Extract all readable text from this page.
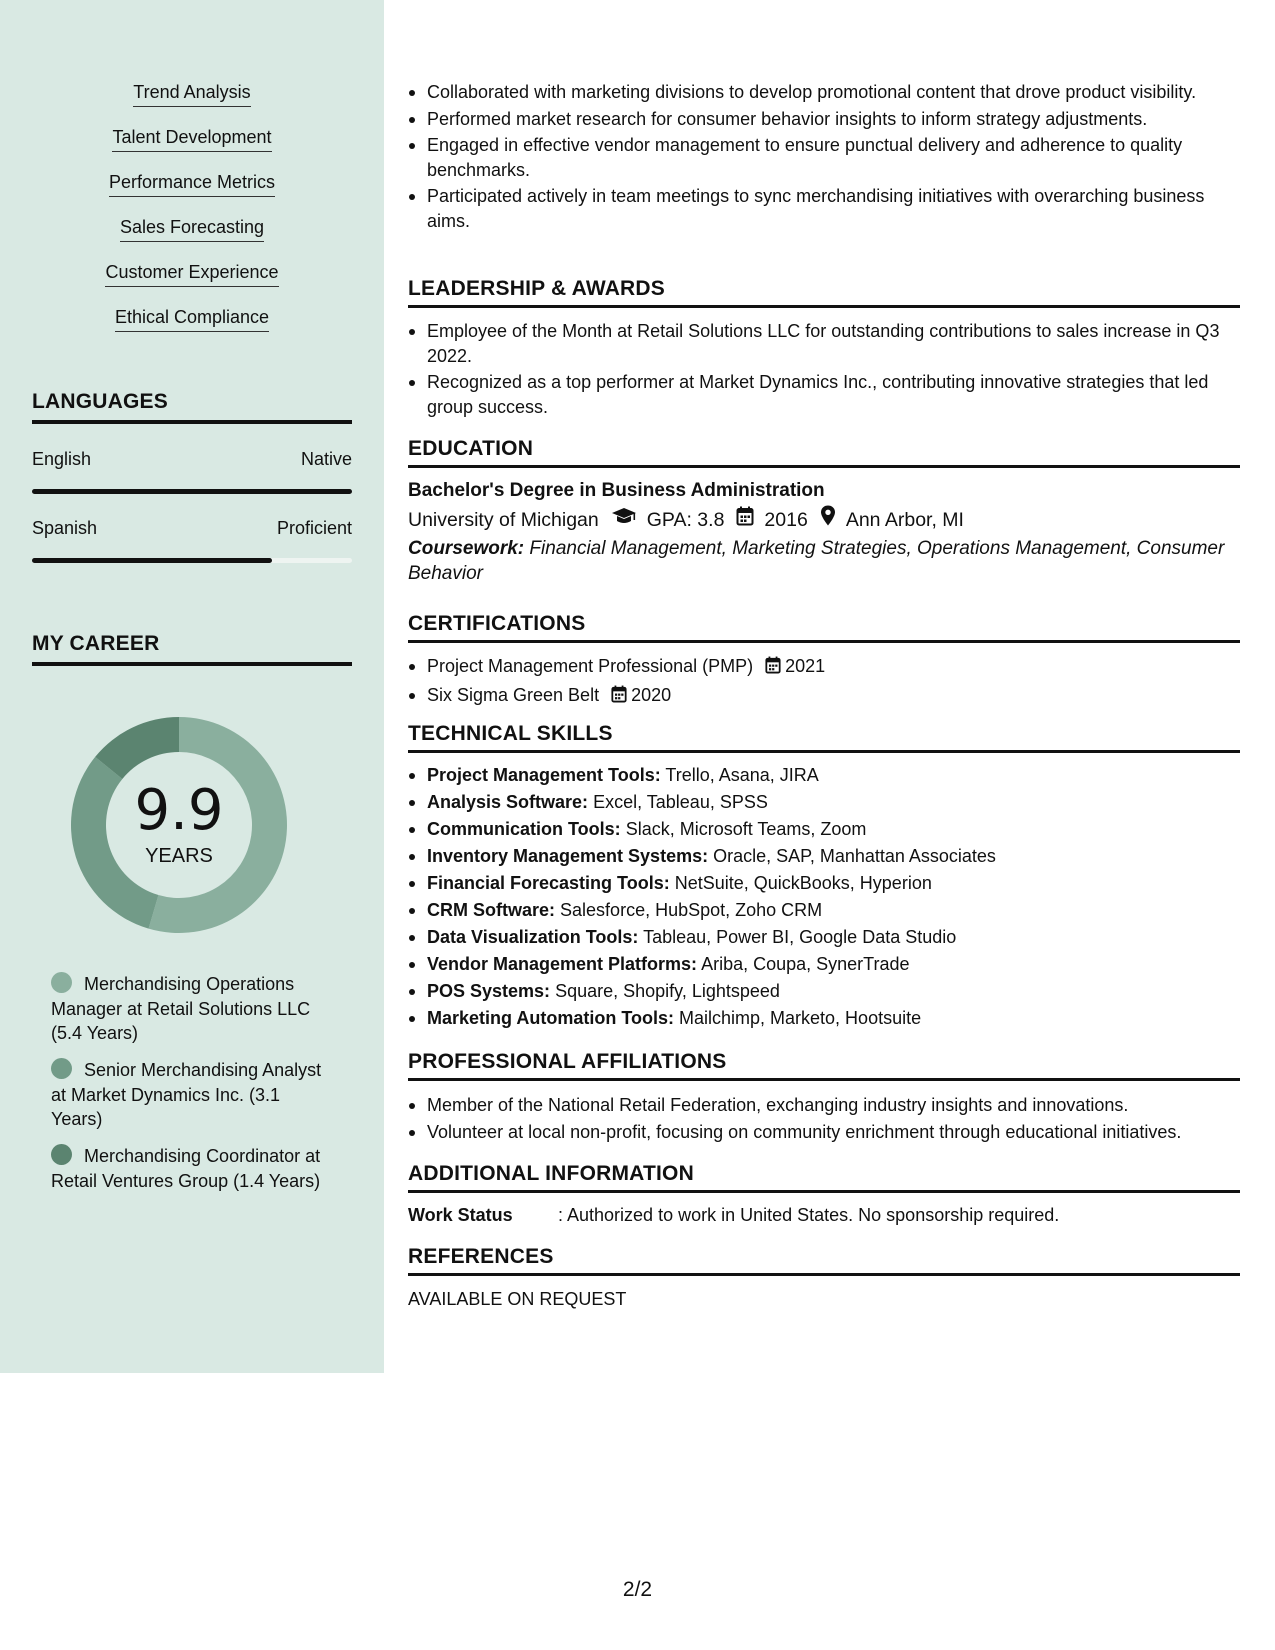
Trend Analysis
Talent Development
Performance Metrics
Sales Forecasting
Customer Experience
Ethical Compliance
LANGUAGES
English	Native
Spanish	Proficient
MY CAREER
9.9
YEARS
Merchandising Operations Manager at Retail Solutions LLC (5.4 Years)
Senior Merchandising Analyst at Market Dynamics Inc. (3.1 Years)
Merchandising Coordinator at Retail Ventures Group (1.4 Years)
Collaborated with marketing divisions to develop promotional content that drove product visibility.
Performed market research for consumer behavior insights to inform strategy adjustments.
Engaged in effective vendor management to ensure punctual delivery and adherence to quality benchmarks.
Participated actively in team meetings to sync merchandising initiatives with overarching business aims.
LEADERSHIP & AWARDS
Employee of the Month at Retail Solutions LLC for outstanding contributions to sales increase in Q3 2022.
Recognized as a top performer at Market Dynamics Inc., contributing innovative strategies that led group success.
EDUCATION
Bachelor's Degree in Business Administration
University of Michigan GPA: 3.8 2016 Ann Arbor, MI
Coursework: Financial Management, Marketing Strategies, Operations Management, Consumer Behavior
CERTIFICATIONS
Project Management Professional (PMP) 2021
Six Sigma Green Belt 2020
TECHNICAL SKILLS
Project Management Tools: Trello, Asana, JIRA
Analysis Software: Excel, Tableau, SPSS
Communication Tools: Slack, Microsoft Teams, Zoom
Inventory Management Systems: Oracle, SAP, Manhattan Associates
Financial Forecasting Tools: NetSuite, QuickBooks, Hyperion
CRM Software: Salesforce, HubSpot, Zoho CRM
Data Visualization Tools: Tableau, Power BI, Google Data Studio
Vendor Management Platforms: Ariba, Coupa, SynerTrade
POS Systems: Square, Shopify, Lightspeed
Marketing Automation Tools: Mailchimp, Marketo, Hootsuite
PROFESSIONAL AFFILIATIONS
Member of the National Retail Federation, exchanging industry insights and innovations.
Volunteer at local non-profit, focusing on community enrichment through educational initiatives.
ADDITIONAL INFORMATION
Work Status	: Authorized to work in United States. No sponsorship required.
REFERENCES
AVAILABLE ON REQUEST
2/2
